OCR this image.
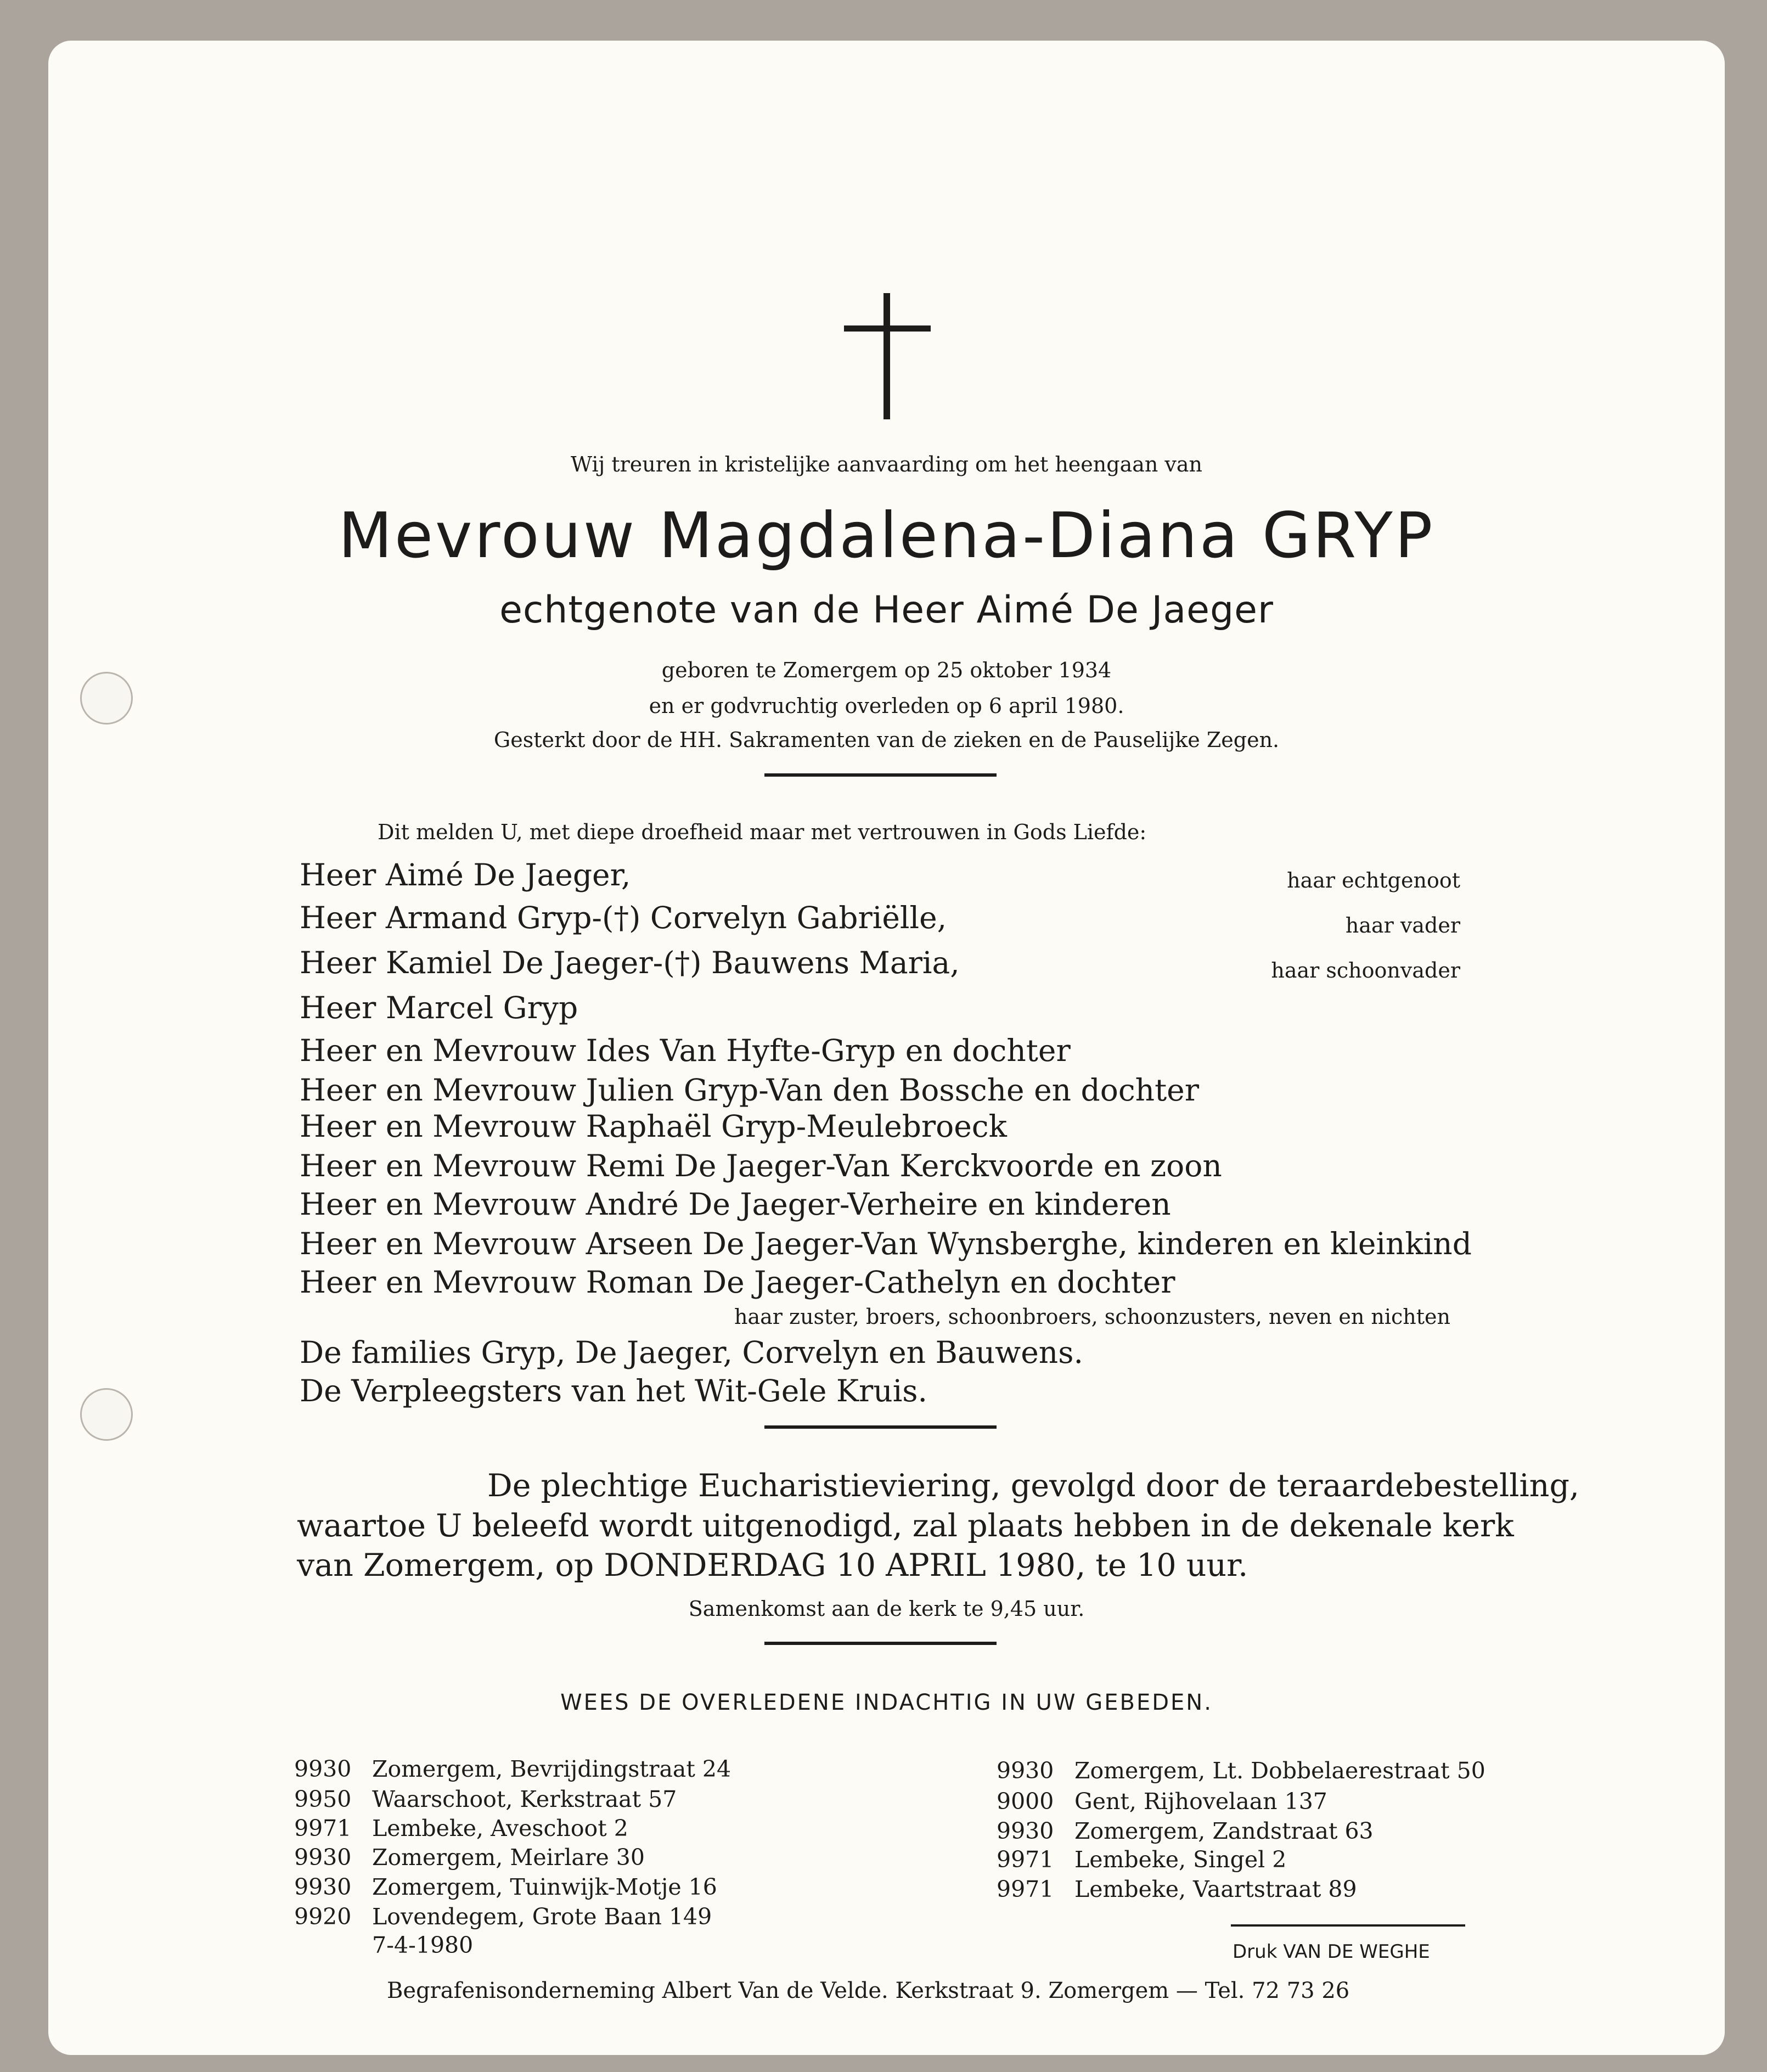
Wij treuren in kristelijke aanvaarding om het heengaan van
Mevrouw Magdalena-Diana GRYP
echtgenote van de Heer Aimé De Jaeger
geboren te Zomergem op 25 oktober 1934
en er godvruchtig overleden op 6 april 1980.
Gesterkt door de HH. Sakramenten van de zieken en de Pauselijke Zegen.
Dit melden U, met diepe droefheid maar met vertrouwen in Gods Liefde:
Heer Aimé De Jaeger,	haar echtgenoot
Heer Armand Gryp-(†) Corvelyn Gabriëlle,	haar vader
Heer Kamiel De Jaeger-(†) Bauwens Maria,	haar schoonvader
Heer Marcel Gryp
Heer en Mevrouw Ides Van Hyfte-Gryp en dochter
Heer en Mevrouw Julien Gryp-Van den Bossche en dochter
Heer en Mevrouw Raphaël Gryp-Meulebroeck
Heer en Mevrouw Remi De Jaeger-Van Kerckvoorde en zoon
Heer en Mevrouw André De Jaeger-Verheire en kinderen
Heer en Mevrouw Arseen De Jaeger-Van Wynsberghe, kinderen en kleinkind
Heer en Mevrouw Roman De Jaeger-Cathelyn en dochter
haar zuster, broers, schoonbroers, schoonzusters, neven en nichten
De families Gryp, De Jaeger, Corvelyn en Bauwens.
De Verpleegsters van het Wit-Gele Kruis.
De plechtige Eucharistieviering, gevolgd door de teraardebestelling,
waartoe U beleefd wordt uitgenodigd, zal plaats hebben in de dekenale kerk
van Zomergem, op DONDERDAG 10 APRIL 1980, te 10 uur.
Samenkomst aan de kerk te 9,45 uur.
WEES DE OVERLEDENE INDACHTIG IN UW GEBEDEN.
9930 Zomergem, Bevrijdingstraat 24
9950 Waarschoot, Kerkstraat 57
9971 Lembeke, Aveschoot 2
9930 Zomergem, Meirlare 30
9930 Zomergem, Tuinwijk-Motje 16
9920 Lovendegem, Grote Baan 149
7-4-1980
9930 Zomergem, Lt. Dobbelaerestraat 50
9000 Gent, Rijhovelaan 137
9930 Zomergem, Zandstraat 63
9971 Lembeke, Singel 2
9971 Lembeke, Vaartstraat 89
Druk VAN DE WEGHE
Begrafenisonderneming Albert Van de Velde. Kerkstraat 9. Zomergem — Tel. 72 73 26
